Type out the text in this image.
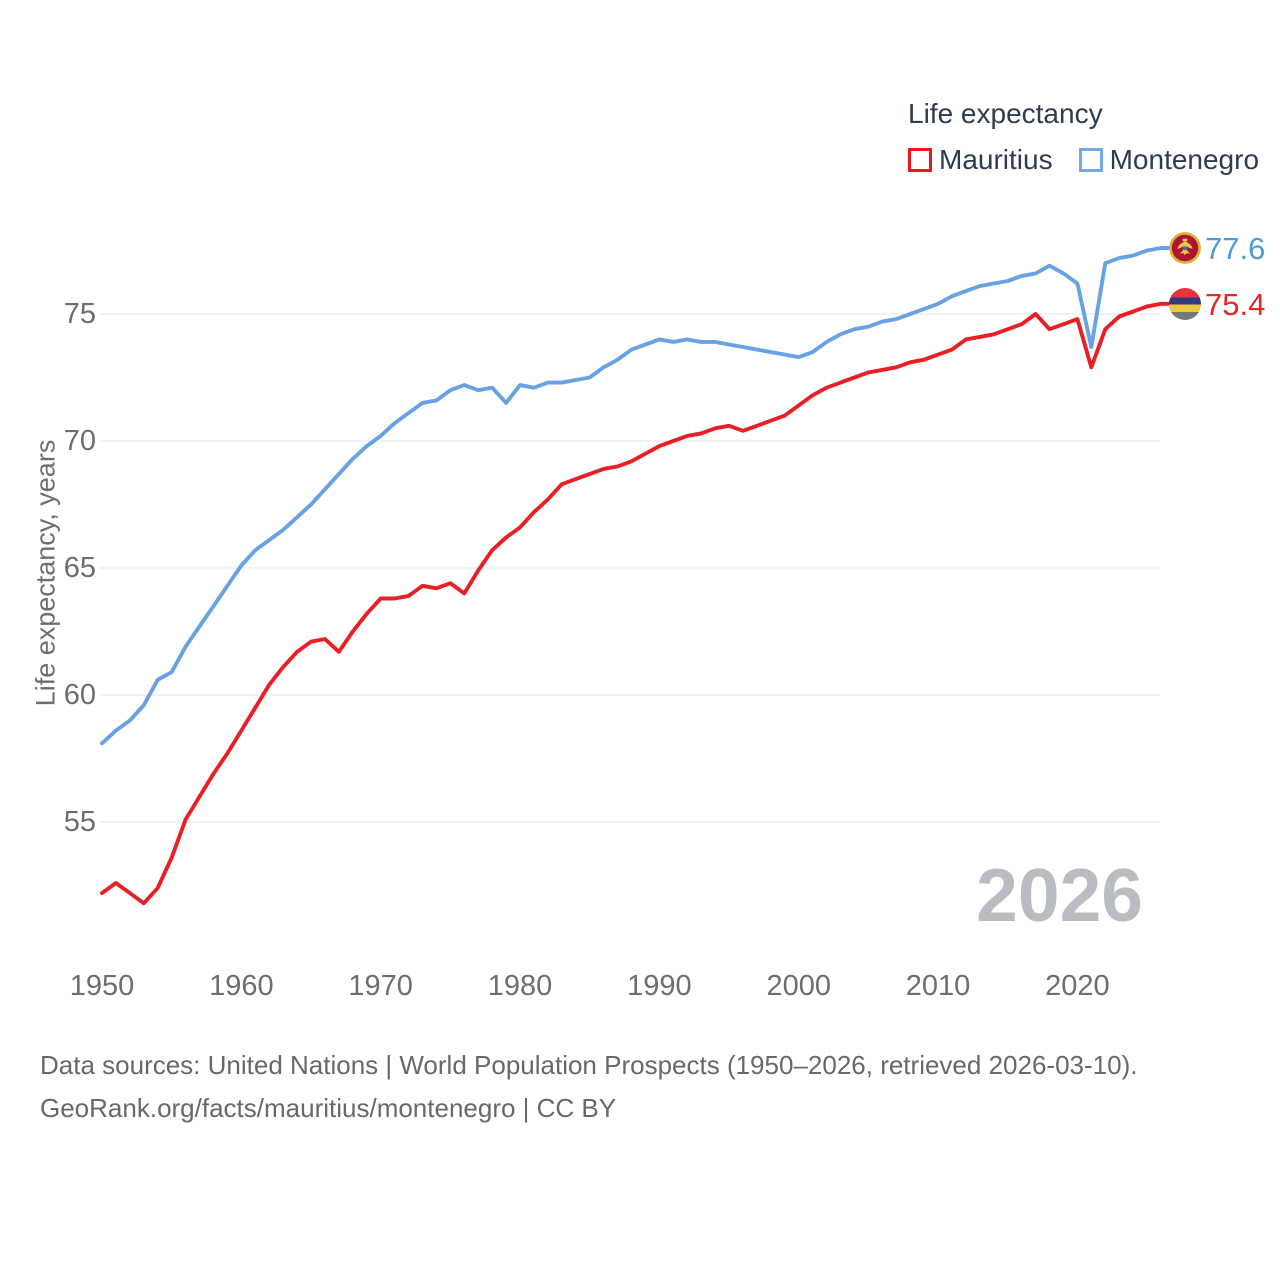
Life expectancy
Mauritius Montenegro
Life expectancy, years
75
70
65
60
55
1950	1960	1970	1980	1990	2000	2010	2020
2026
77.6
75.4
Data sources: United Nations | World Population Prospects (1950–2026, retrieved 2026-03-10).
GeoRank.org/facts/mauritius/montenegro | CC BY
